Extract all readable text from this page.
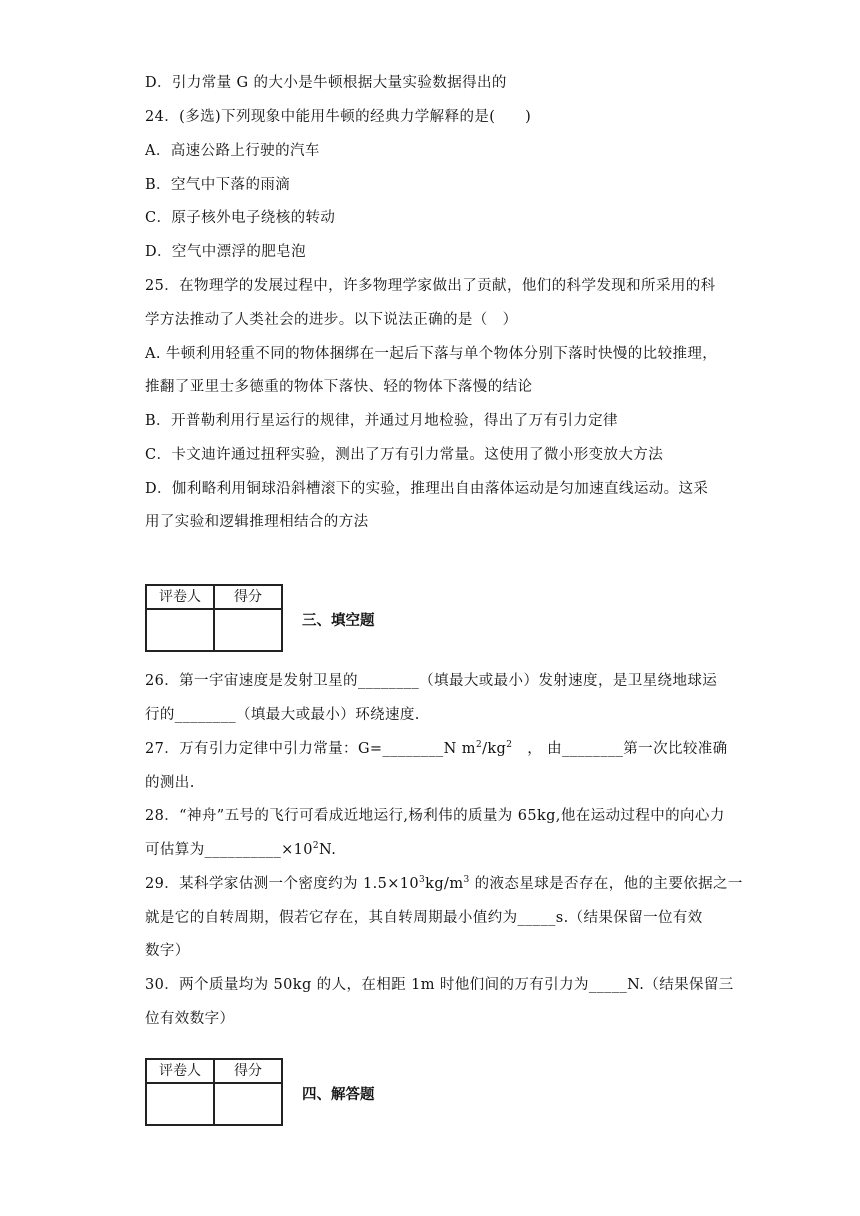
D．引力常量 G 的大小是牛顿根据大量实验数据得出的
24．(多选)下列现象中能用牛顿的经典力学解释的是(　　)
A．高速公路上行驶的汽车
B．空气中下落的雨滴
C．原子核外电子绕核的转动
D．空气中漂浮的肥皂泡
25．在物理学的发展过程中，许多物理学家做出了贡献，他们的科学发现和所采用的科
学方法推动了人类社会的进步。以下说法正确的是（　）
A. 牛顿利用轻重不同的物体捆绑在一起后下落与单个物体分别下落时快慢的比较推理，
推翻了亚里士多德重的物体下落快、轻的物体下落慢的结论
B．开普勒利用行星运行的规律，并通过月地检验，得出了万有引力定律
C．卡文迪许通过扭秤实验，测出了万有引力常量。这使用了微小形变放大方法
D．伽利略利用铜球沿斜槽滚下的实验，推理出自由落体运动是匀加速直线运动。这采
用了实验和逻辑推理相结合的方法
评卷人	得分

三、填空题
26．第一宇宙速度是发射卫星的________（填最大或最小）发射速度，是卫星绕地球运
行的________（填最大或最小）环绕速度.
27．万有引力定律中引力常量：G=________N $m^2/kg^2$　， 由________第一次比较准确
的测出.
28．“神舟”五号的飞行可看成近地运行,杨利伟的质量为 65kg,他在运动过程中的向心力
可估算为$\_\_\_\_\_\_\_\_\_\_\times 10^2N$.
29．某科学家估测一个密度约为 $1.5\times 10^3kg/m^3$ 的液态星球是否存在，他的主要依据之一
就是它的自转周期，假若它存在，其自转周期最小值约为_____s.（结果保留一位有效
数字）
30．两个质量均为 50kg 的人，在相距 1m 时他们间的万有引力为_____N.（结果保留三
位有效数字）
评卷人	得分

四、解答题
